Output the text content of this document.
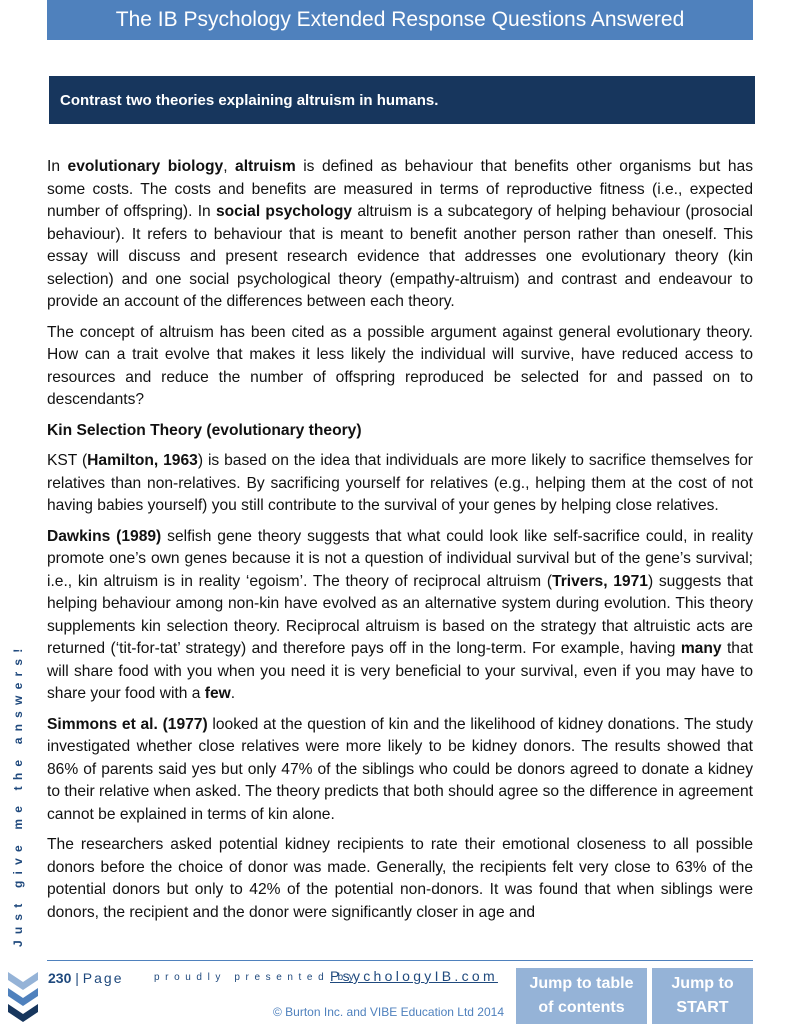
The IB Psychology Extended Response Questions Answered
Contrast two theories explaining altruism in humans.

In evolutionary biology, altruism is defined as behaviour that benefits other organisms but has some costs. The costs and benefits are measured in terms of reproductive fitness (i.e., expected number of offspring). In social psychology altruism is a subcategory of helping behaviour (prosocial behaviour). It refers to behaviour that is meant to benefit another person rather than oneself. This essay will discuss and present research evidence that addresses one evolutionary theory (kin selection) and one social psychological theory (empathy-altruism) and contrast and endeavour to provide an account of the differences between each theory.

The concept of altruism has been cited as a possible argument against general evolutionary theory. How can a trait evolve that makes it less likely the individual will survive, have reduced access to resources and reduce the number of offspring reproduced be selected for and passed on to descendants?

Kin Selection Theory (evolutionary theory)

KST (Hamilton, 1963) is based on the idea that individuals are more likely to sacrifice themselves for relatives than non-relatives. By sacrificing yourself for relatives (e.g., helping them at the cost of not having babies yourself) you still contribute to the survival of your genes by helping close relatives.

Dawkins (1989) selfish gene theory suggests that what could look like self-sacrifice could, in reality promote one’s own genes because it is not a question of individual survival but of the gene’s survival; i.e., kin altruism is in reality ‘egoism’. The theory of reciprocal altruism (Trivers, 1971) suggests that helping behaviour among non-kin have evolved as an alternative system during evolution. This theory supplements kin selection theory. Reciprocal altruism is based on the strategy that altruistic acts are returned (‘tit-for-tat’ strategy) and therefore pays off in the long-term. For example, having many that will share food with you when you need it is very beneficial to your survival, even if you may have to share your food with a few.

Simmons et al. (1977) looked at the question of kin and the likelihood of kidney donations. The study investigated whether close relatives were more likely to be kidney donors. The results showed that 86% of parents said yes but only 47% of the siblings who could be donors agreed to donate a kidney to their relative when asked. The theory predicts that both should agree so the difference in agreement cannot be explained in terms of kin alone.

The researchers asked potential kidney recipients to rate their emotional closeness to all possible donors before the choice of donor was made. Generally, the recipients felt very close to 63% of the potential donors but only to 42% of the potential non-donors. It was found that when siblings were donors, the recipient and the donor were significantly closer in age and

Just give me the answers!
230 | Page	proudly presented by
PsychologyIB.com
© Burton Inc. and VIBE Education Ltd 2014
Jump to table
of contents
Jump to
START
